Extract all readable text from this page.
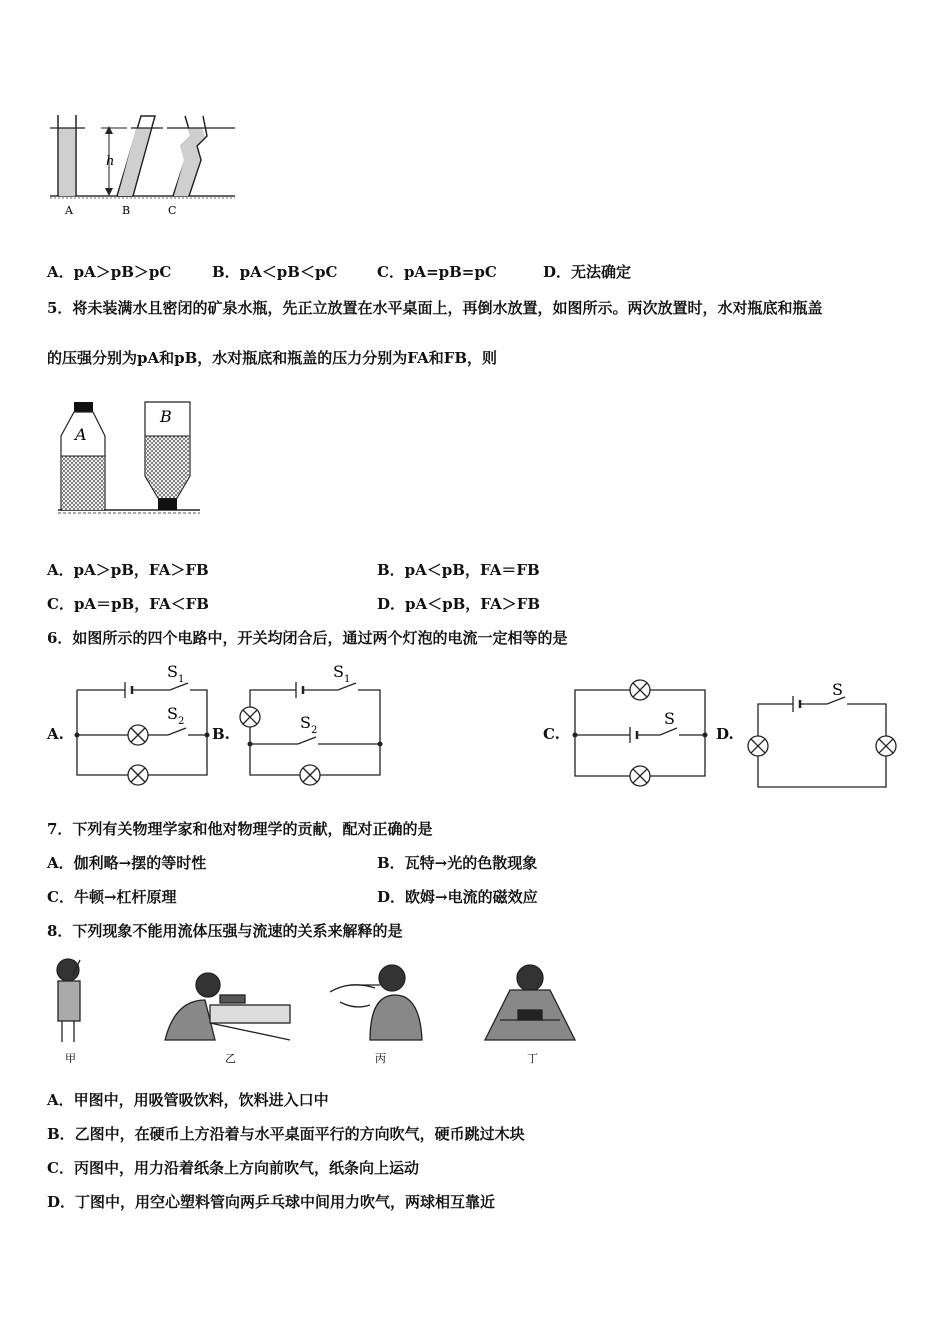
h
A	B	C
A．pA＞pB＞pC	B．pA＜pB＜pC	C．pA=pB=pC	D．无法确定
5．将未装满水且密闭的矿泉水瓶，先正立放置在水平桌面上，再倒水放置，如图所示。两次放置时，水对瓶底和瓶盖
的压强分别为pA和pB，水对瓶底和瓶盖的压力分别为FA和FB，则
A
B
A．pA＞pB，FA＞FB	B．pA＜pB，FA＝FB
C．pA＝pB，FA＜FB	D．pA＜pB，FA＞FB
6．如图所示的四个电路中，开关均闭合后，通过两个灯泡的电流一定相等的是
A.	B.	C.	D.
S 1
S 2
S 1
S 2
S
S
7．下列有关物理学家和他对物理学的贡献，配对正确的是
A．伽利略→摆的等时性	B．瓦特→光的色散现象
C．牛顿→杠杆原理	D．欧姆→电流的磁效应
8．下列现象不能用流体压强与流速的关系来解释的是
甲	乙	丙	丁
A．甲图中，用吸管吸饮料，饮料进入口中
B．乙图中，在硬币上方沿着与水平桌面平行的方向吹气，硬币跳过木块
C．丙图中，用力沿着纸条上方向前吹气，纸条向上运动
D．丁图中，用空心塑料管向两乒乓球中间用力吹气，两球相互靠近
